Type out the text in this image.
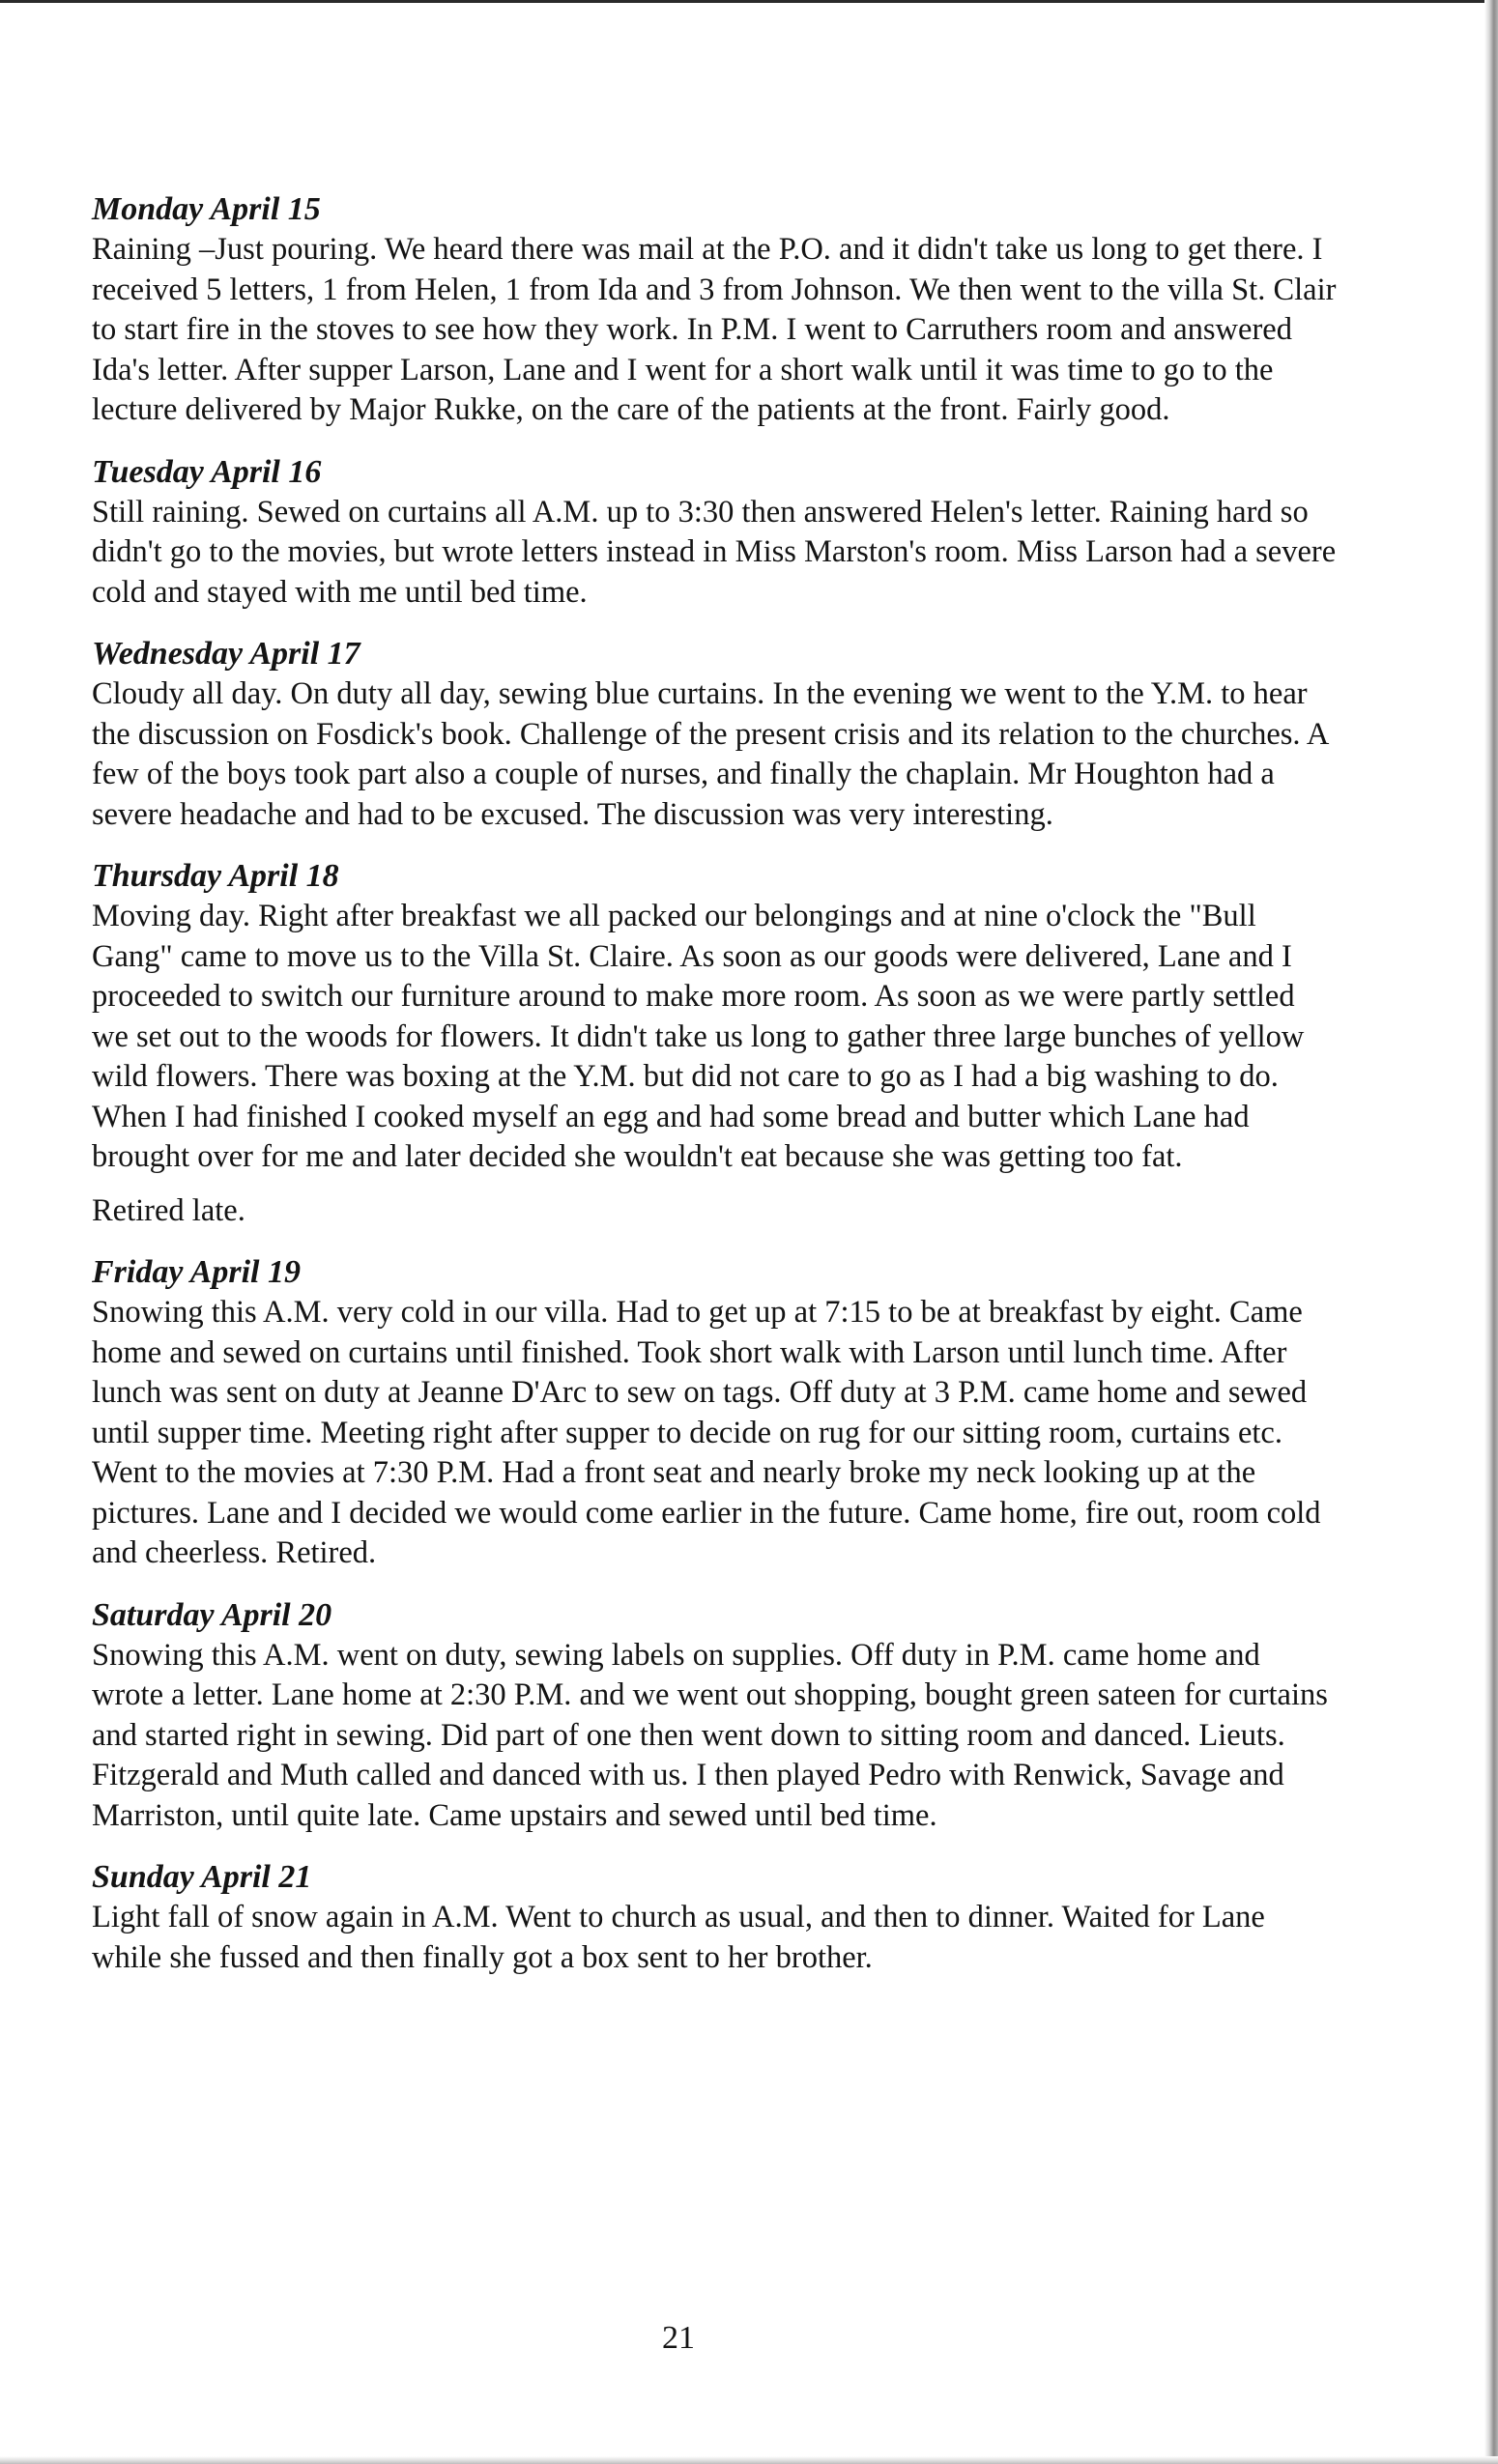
Monday April 15

Raining –Just pouring. We heard there was mail at the P.O. and it didn't take us long to get there. I received 5 letters, 1 from Helen, 1 from Ida and 3 from Johnson. We then went to the villa St. Clair to start fire in the stoves to see how they work. In P.M. I went to Carruthers room and answered Ida's letter. After supper Larson, Lane and I went for a short walk until it was time to go to the lecture delivered by Major Rukke, on the care of the patients at the front. Fairly good.

Tuesday April 16

Still raining. Sewed on curtains all A.M. up to 3:30 then answered Helen's letter. Raining hard so didn't go to the movies, but wrote letters instead in Miss Marston's room. Miss Larson had a severe cold and stayed with me until bed time.

Wednesday April 17

Cloudy all day. On duty all day, sewing blue curtains. In the evening we went to the Y.M. to hear the discussion on Fosdick's book. Challenge of the present crisis and its relation to the churches. A few of the boys took part also a couple of nurses, and finally the chaplain. Mr Houghton had a severe headache and had to be excused. The discussion was very interesting.

Thursday April 18

Moving day. Right after breakfast we all packed our belongings and at nine o'clock the "Bull Gang" came to move us to the Villa St. Claire. As soon as our goods were delivered, Lane and I proceeded to switch our furniture around to make more room. As soon as we were partly settled we set out to the woods for flowers. It didn't take us long to gather three large bunches of yellow wild flowers. There was boxing at the Y.M. but did not care to go as I had a big washing to do. When I had finished I cooked myself an egg and had some bread and butter which Lane had brought over for me and later decided she wouldn't eat because she was getting too fat.

Retired late.

Friday April 19

Snowing this A.M. very cold in our villa. Had to get up at 7:15 to be at breakfast by eight. Came home and sewed on curtains until finished. Took short walk with Larson until lunch time. After lunch was sent on duty at Jeanne D'Arc to sew on tags. Off duty at 3 P.M. came home and sewed until supper time. Meeting right after supper to decide on rug for our sitting room, curtains etc. Went to the movies at 7:30 P.M. Had a front seat and nearly broke my neck looking up at the pictures. Lane and I decided we would come earlier in the future. Came home, fire out, room cold and cheerless. Retired.

Saturday April 20

Snowing this A.M. went on duty, sewing labels on supplies. Off duty in P.M. came home and wrote a letter. Lane home at 2:30 P.M. and we went out shopping, bought green sateen for curtains and started right in sewing. Did part of one then went down to sitting room and danced. Lieuts. Fitzgerald and Muth called and danced with us. I then played Pedro with Renwick, Savage and Marriston, until quite late. Came upstairs and sewed until bed time.

Sunday April 21

Light fall of snow again in A.M. Went to church as usual, and then to dinner. Waited for Lane while she fussed and then finally got a box sent to her brother.

21
